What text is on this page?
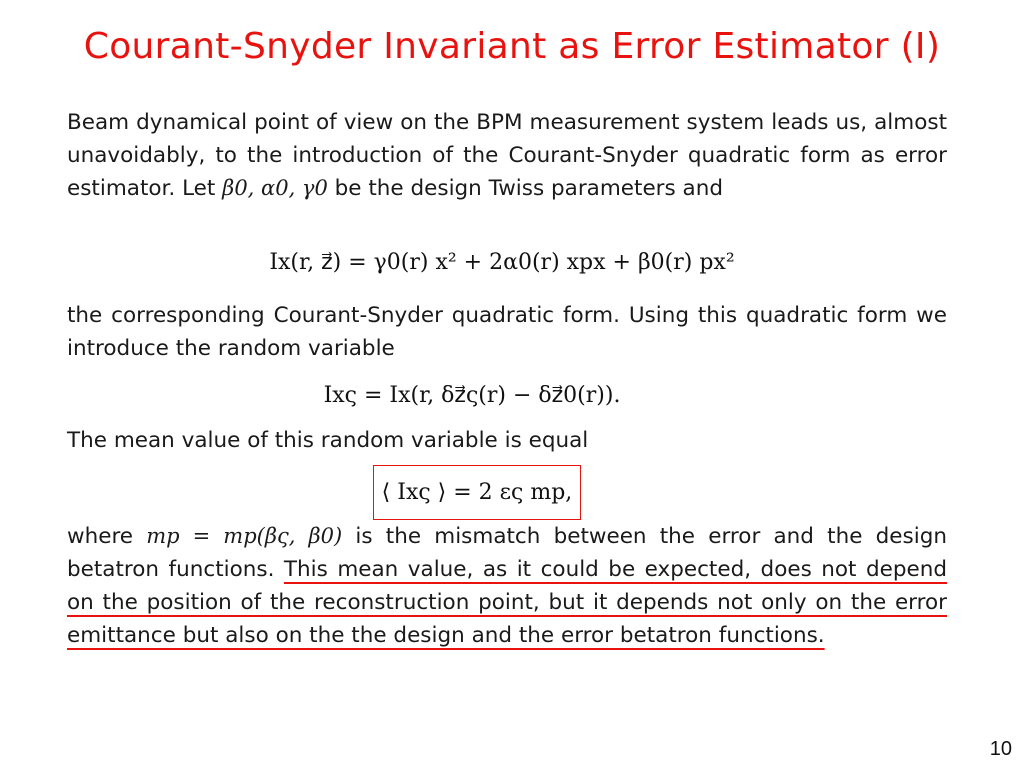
Courant-Snyder Invariant as Error Estimator (I)
Beam dynamical point of view on the BPM measurement system leads us, almost unavoidably, to the introduction of the Courant-Snyder quadratic form as error estimator. Let β0, α0, γ0 be the design Twiss parameters and
Ix(r, z⃗) = γ0(r) x² + 2α0(r) xpx + β0(r) px²
the corresponding Courant-Snyder quadratic form. Using this quadratic form we introduce the random variable
Ixς = Ix(r, δz⃗ς(r) − δz⃗0(r)).
The mean value of this random variable is equal
⟨ Ixς ⟩ = 2 ες mp,
where mp = mp(βς, β0) is the mismatch between the error and the design betatron functions. This mean value, as it could be expected, does not depend on the position of the reconstruction point, but it depends not only on the error emittance but also on the the design and the error betatron functions.
10
